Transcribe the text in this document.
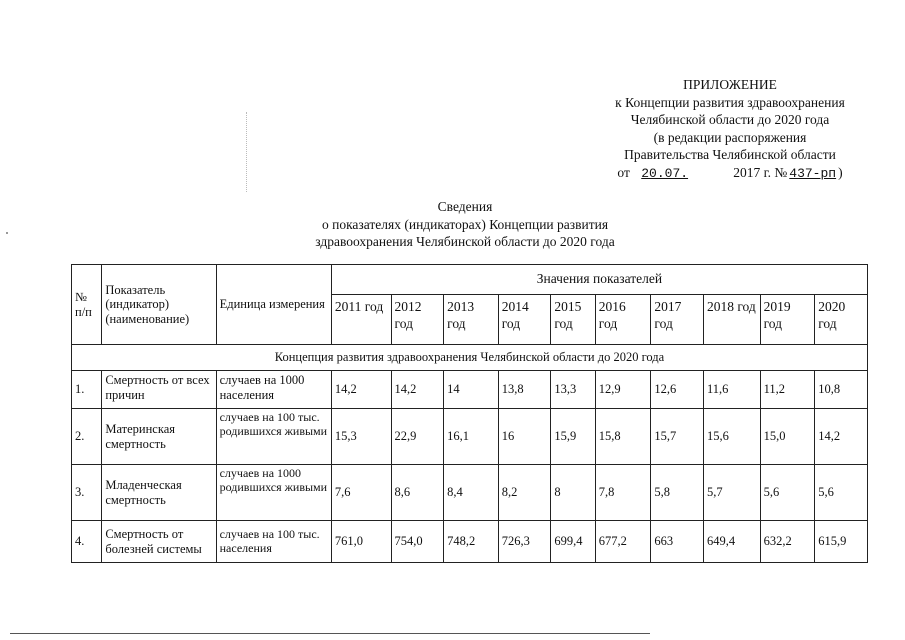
ПРИЛОЖЕНИЕ
к Концепции развития здравоохранения
Челябинской области до 2020 года
(в редакции распоряжения
Правительства Челябинской области
от 20.07.	2017 г. № 437-рп )
Сведения
о показателях (индикаторах) Концепции развития
здравоохранения Челябинской области до 2020 года
№ п/п	Показатель (индикатор) (наименование)	Единица измерения	Значения показателей									
			2011 год	2012 год	2013 год	2014 год	2015 год	2016 год	2017 год	2018 год	2019 год	2020 год
Концепция развития здравоохранения Челябинской области до 2020 года												
1.	Смертность от всех причин	случаев на 1000 населения	14,2	14,2	14	13,8	13,3	12,9	12,6	11,6	11,2	10,8
2.	Материнская смертность	случаев на 100 тыс. родившихся живыми	15,3	22,9	16,1	16	15,9	15,8	15,7	15,6	15,0	14,2
3.	Младенческая смертность	случаев на 1000 родившихся живыми	7,6	8,6	8,4	8,2	8	7,8	5,8	5,7	5,6	5,6
4.	Смертность от болезней системы	случаев на 100 тыс. населения	761,0	754,0	748,2	726,3	699,4	677,2	663	649,4	632,2	615,9
